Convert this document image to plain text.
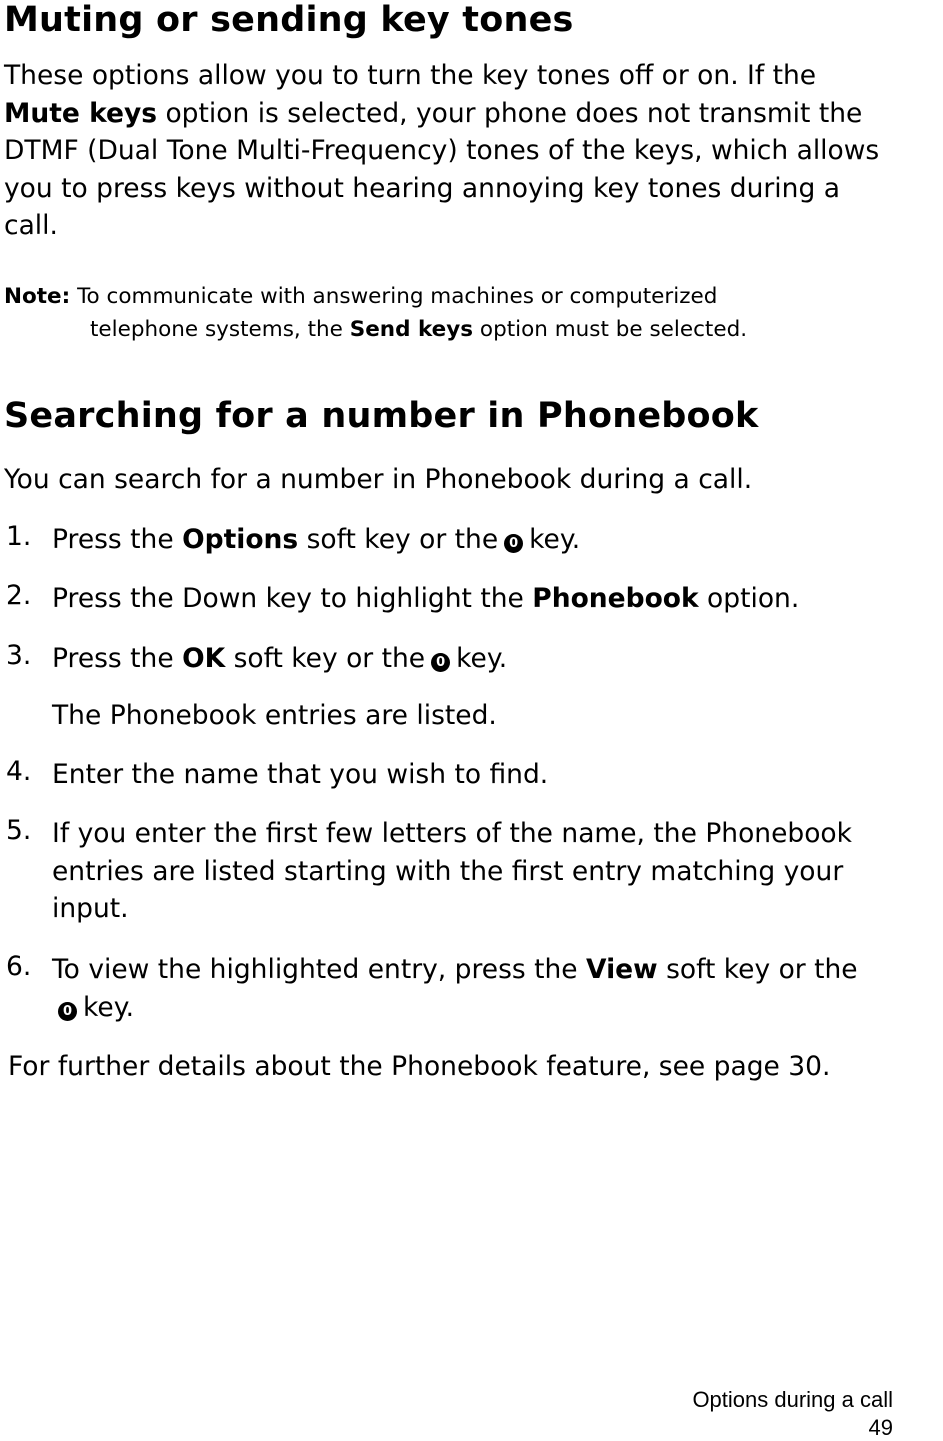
Muting or sending key tones

These options allow you to turn the key tones off or on. If the Mute keys option is selected, your phone does not transmit the DTMF (Dual Tone Multi-Frequency) tones of the keys, which allows you to press keys without hearing annoying key tones during a call.

Note: To communicate with answering machines or computerized

telephone systems, the Send keys option must be selected.

Searching for a number in Phonebook

You can search for a number in Phonebook during a call.

1. Press the Options soft key or the 0 key.

2. Press the Down key to highlight the Phonebook option.

3. Press the OK soft key or the 0 key.

The Phonebook entries are listed.

4. Enter the name that you wish to find.

5. If you enter the first few letters of the name, the Phonebook entries are listed starting with the first entry matching your input.

6. To view the highlighted entry, press the View soft key or the0 key.

For further details about the Phonebook feature, see page 30.

Options during a call

49
